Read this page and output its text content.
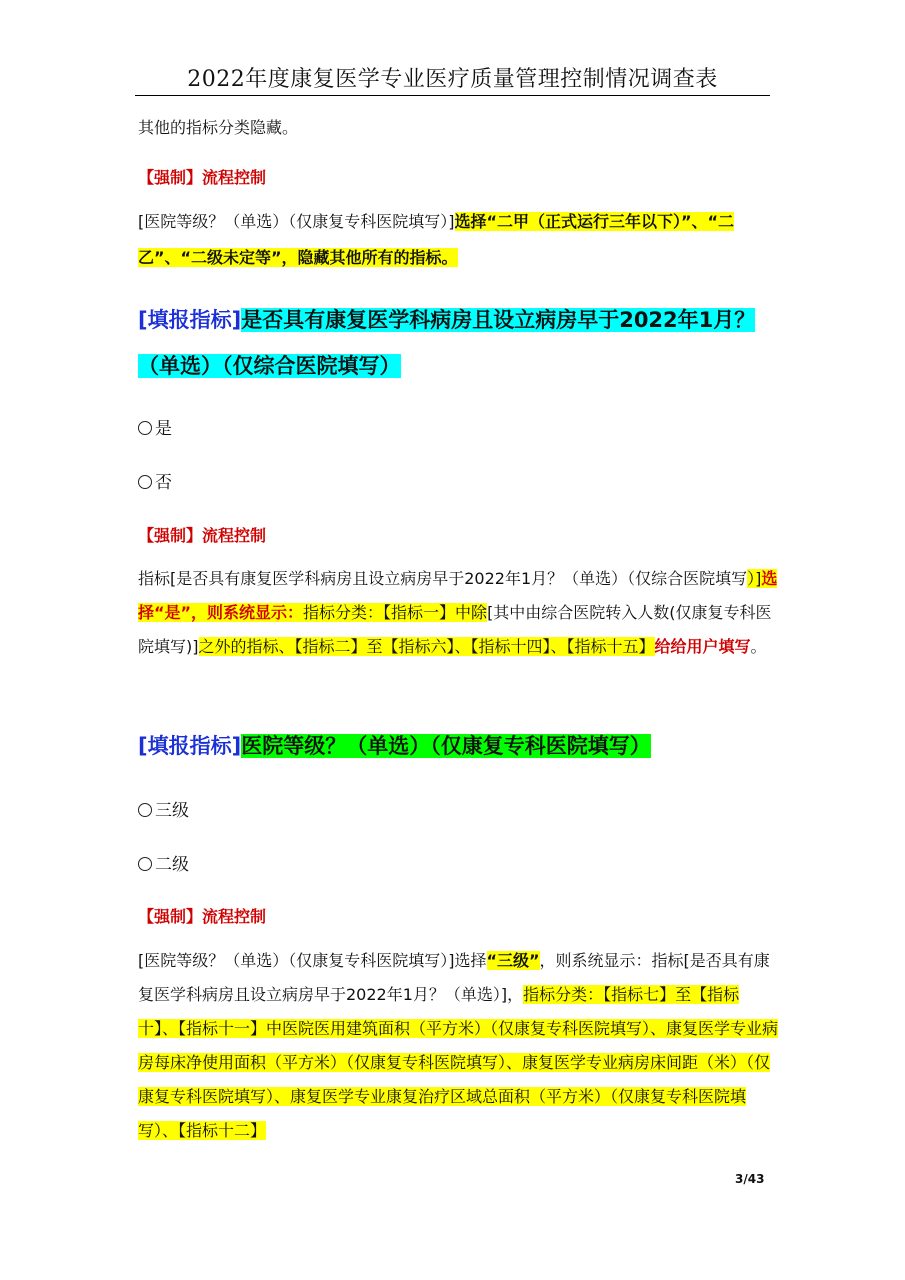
2022年度康复医学专业医疗质量管理控制情况调查表
其他的指标分类隐藏。
【强制】流程控制
[医院等级？（单选）（仅康复专科医院填写）]选择“二甲（正式运行三年以下）”、“二乙”、“二级未定等”，隐藏其他所有的指标。
[填报指标]是否具有康复医学科病房且设立病房早于2022年1月？（单选）（仅综合医院填写）
是
否
【强制】流程控制
指标[是否具有康复医学科病房且设立病房早于2022年1月？（单选）（仅综合医院填写）]选择“是”，则系统显示：指标分类：【指标一】中除[其中由综合医院转入人数(仅康复专科医院填写)]之外的指标、【指标二】至【指标六】、【指标十四】、【指标十五】给给用户填写。
[填报指标]医院等级？（单选）（仅康复专科医院填写）
三级
二级
【强制】流程控制
[医院等级？（单选）（仅康复专科医院填写）]选择“三级”，则系统显示：指标[是否具有康复医学科病房且设立病房早于2022年1月？（单选）]，指标分类：【指标七】至【指标十】、【指标十一】中医院医用建筑面积（平方米）（仅康复专科医院填写）、康复医学专业病房每床净使用面积（平方米）（仅康复专科医院填写）、康复医学专业病房床间距（米）（仅康复专科医院填写）、康复医学专业康复治疗区域总面积（平方米）（仅康复专科医院填写）、【指标十二】
3/43
